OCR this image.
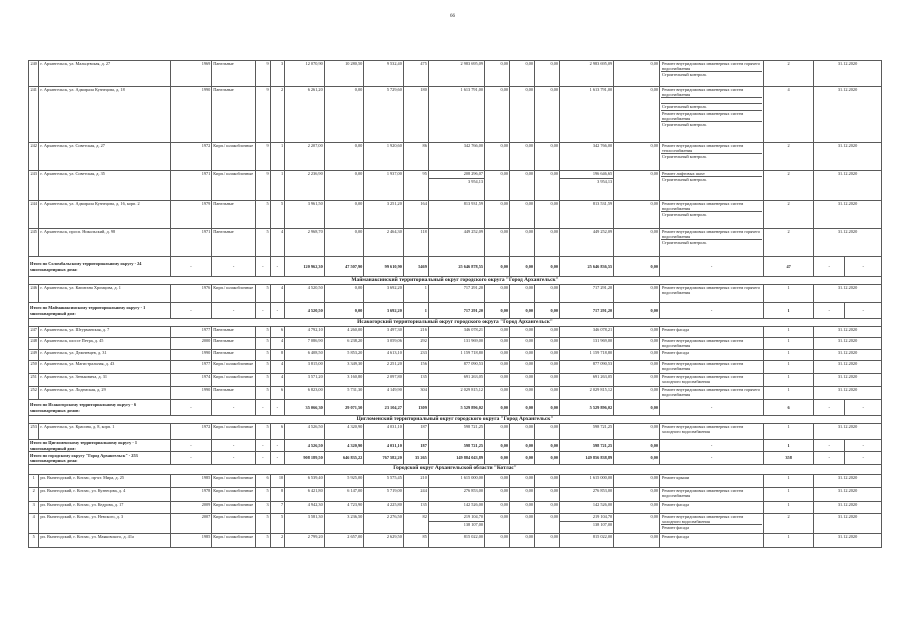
66
240	г. Архангельск, ул. Мальцевская, д. 27	1969	Панельные	9	3	12 070,90	10 280,50	9 532,40	475	2 983 695,09	0,00	0,00	0,00	2 983 695,09	0,00	Ремонт внутридомовых инженерных систем горячего водоснабжения
Строительный контроль	2	31.12.2020	
241	г. Архангельск, ул. Адмирала Кузнецова, д. 18	1990	Панельные	9	2	6 261,20	0,00	5 729,60	180	1 613 791,00	0,00	0,00	0,00	1 613 791,00	0,00	Ремонт внутридомовых инженерных систем водоснабжения
Строительный контроль
Ремонт внутридомовых инженерных систем водоснабжения
Строительный контроль	4	31.12.2020	
242	г. Архангельск, ул. Советская, д. 27	1972	Кирп./ шлакоблочные	9	1	2 207,00	0,00	1 920,60	86	342 766,00	0,00	0,00	0,00	342 766,00	0,00	Ремонт внутридомовых инженерных систем теплоснабжения
Строительный контроль	2	31.12.2020	
243	г. Архангельск, ул. Советская, д. 35	1971	Кирп./ шлакоблочные	9	1	2 236,90	0,00	1 937,00	95	208 296,07
3 954,13	0,00	0,00	0,00	196 646,65
3 954,13	0,00	Ремонт лифтовых шахт
Строительный контроль	2	31.12.2020	
244	г. Архангельск, ул. Адмирала Кузнецова, д. 16, корп. 2	1979	Панельные	5	5	3 961,50	0,00	3 251,20	164	813 931,59	0,00	0,00	0,00	813 531,59	0,00	Ремонт внутридомовых инженерных систем водоснабжения
Строительный контроль	2	31.12.2020	
245	г. Архангельск, просп. Никольский, д. 98	1971	Панельные	5	4	2 968,70	0,00	2 464,30	118	449 252,09	0,00	0,00	0,00	449 252,09	0,00	Ремонт внутридомовых инженерных систем горячего водоснабжения
Строительный контроль	2	31.12.2020	
Итого по Соломбальскому территориальному округу - 24 многоквартирных дома:		-	-	-	-	120 962,30	47 507,90	99 610,90	5469	25 646 878,55	0,00	0,00	0,00	25 646 836,55	0,00	-	47	-	-
Майманаксинский территориальный округ городского округа "Город Архангельск"																			
246	г. Архангельск, ул. Капитана Хромцова, д. 1	1976	Кирп./ шлакоблочные	5	4	4 520,50	0,00	3 692,20	1	717 291,20	0,00	0,00	0,00	717 291,20	0,00	Ремонт внутридомовых инженерных систем горячего водоснабжения	1	31.12.2020	
Итого по Майманаксинскому территориальному округу - 1 многоквартирный дом:		-	-	-	-	4 520,50	0,00	3 692,20	1	717 291,20	0,00	0,00	0,00	717 291,20	0,00	-	1	-	-
Исакогорский территориальный округ городского округа "Город Архангельск"																			
247	г. Архангельск, ул. Штурманская, д. 7	1977	Панельные	5	6	4 792,10	4 260,00	3 497,30	216	346 078,21	0,00	0,00	0,00	346 078,21	0,00	Ремонт фасада	1	31.12.2020	
248	г. Архангельск, шоссе Петра, д. 45	2000	Панельные	5	4	7 086,90	6 238,20	3 059,06	292	131 969,00	0,00	0,00	0,00	131 969,00	0,00	Ремонт внутридомовых инженерных систем водоснабжения	1	31.12.2020	
249	г. Архангельск, ул. Дежневцев, д. 31	1990	Панельные	5	8	6 408,50	5 853,20	4 613,10	233	1 159 718,80	0,00	0,00	0,00	1 159 718,80	0,00	Ремонт фасада	1	31.12.2020	
250	г. Архангельск, ул. Магистральная, д. 43	1977	Кирп./ шлакоблочные	5	4	3 815,00	3 349,30	2 251,20	156	877 090,53	0,00	0,00	0,00	877 090,53	0,00	Ремонт внутридомовых инженерных систем водоснабжения	1	31.12.2020	
251	г. Архангельск, ул. Зеньковича, д. 31	1974	Кирп./ шлакоблочные	5	4	3 571,20	3 160,80	2 097,80	135	691 263,05	0,00	0,00	0,00	691 263,05	0,00	Ремонт внутридомовых инженерных систем холодного водоснабжения	1	31.12.2020	
252	г. Архангельск, ул. Лодемская, д. 29	1990	Панельные	5	6	6 823,00	5 731,30	4 149,90	304	2 029 815,12	0,00	0,00	0,00	2 029 815,12	0,00	Ремонт внутридомовых инженерных систем горячего водоснабжения	1	31.12.2020	
Итого по Исакогорскому территориальному округу - 6 многоквартирных домов:		-	-	-	-	35 066,30	29 071,50	23 104,27	1309	5 529 896,02	0,00	0,00	0,00	5 529 896,02	0,00	-	6	-	-
Цигломенский территориальный округ городского округа "Город Архангельск"																			
253	г. Архангельск, ул. Красина, д. 8, корп. 1	1972	Кирп./ шлакоблочные	5	6	4 526,50	4 320,90	4 031,10	187	598 721,25	0,00	0,00	0,00	598 721,25	0,00	Ремонт внутридомовых инженерных систем холодного водоснабжения	1	31.12.2020	
Итого по Цигломенскому территориальному округу - 1 многоквартирный дом:		-	-	-	-	4 526,50	4 320,90	4 031,10	187	598 721,25	0,00	0,00	0,00	598 721,25	0,00	-	1	-	-
Итого по городскому округу "Город Архангельск" - 253 многоквартирных дома:		-	-	-	-	908 189,50	646 835,22	767 582,20	35 265	149 884 043,89	0,00	0,00	0,00	149 856 838,89	0,00	-	358	-	-
Городской округ Архангельской области "Котлас"																			
1	рп. Вычегодский, г. Котлас, пр-кт. Мира, д. 25	1985	Кирп./ шлакоблочные	6	10	6 539,40	5 925,00	5 575,45	210	1 615 000,00	0,00	0,00	0,00	1 615 000,00	0,00	Ремонт крыши	1	31.12.2020	
2	рп. Вычегодский, г. Котлас, ул. Кузнецова, д. 4	1978	Кирп./ шлакоблочные	5	8	6 421,80	6 147,00	5 719,00	244	276 853,00	0,00	0,00	0,00	276 853,00	0,00	Ремонт внутридомовых инженерных систем водоснабжения	1	31.12.2020	
3	рп. Вычегодский, г. Котлас, ул. Кедрова, д. 17	2009	Кирп./ шлакоблочные	3	7	4 942,30	4 723,90	4 225,80	135	142 526,00	0,00	0,00	0,00	142 526,00	0,00	Ремонт фасада	1	31.12.2020	
4	рп. Вычегодский, г. Котлас, ул. Невского, д. 3	2007	Кирп./ шлакоблочные	5	5	3 581,30	3 236,50	2 276,50	82	219 104,70
138 107,00	0,00	0,00	0,00	219 104,70
138 107,00	0,00	Ремонт внутридомовых инженерных систем холодного водоснабжения
Ремонт фасада	2	31.12.2020	
5	рп. Вычегодский, г. Котлас, ул. Маяковского, д. 41а	1985	Кирп./ шлакоблочные	5	2	2 799,20	2 657,00	2 629,50	85	815 022,00	0,00	0,00	0,00	815 022,00	0,00	Ремонт фасада	1	31.12.2020	
